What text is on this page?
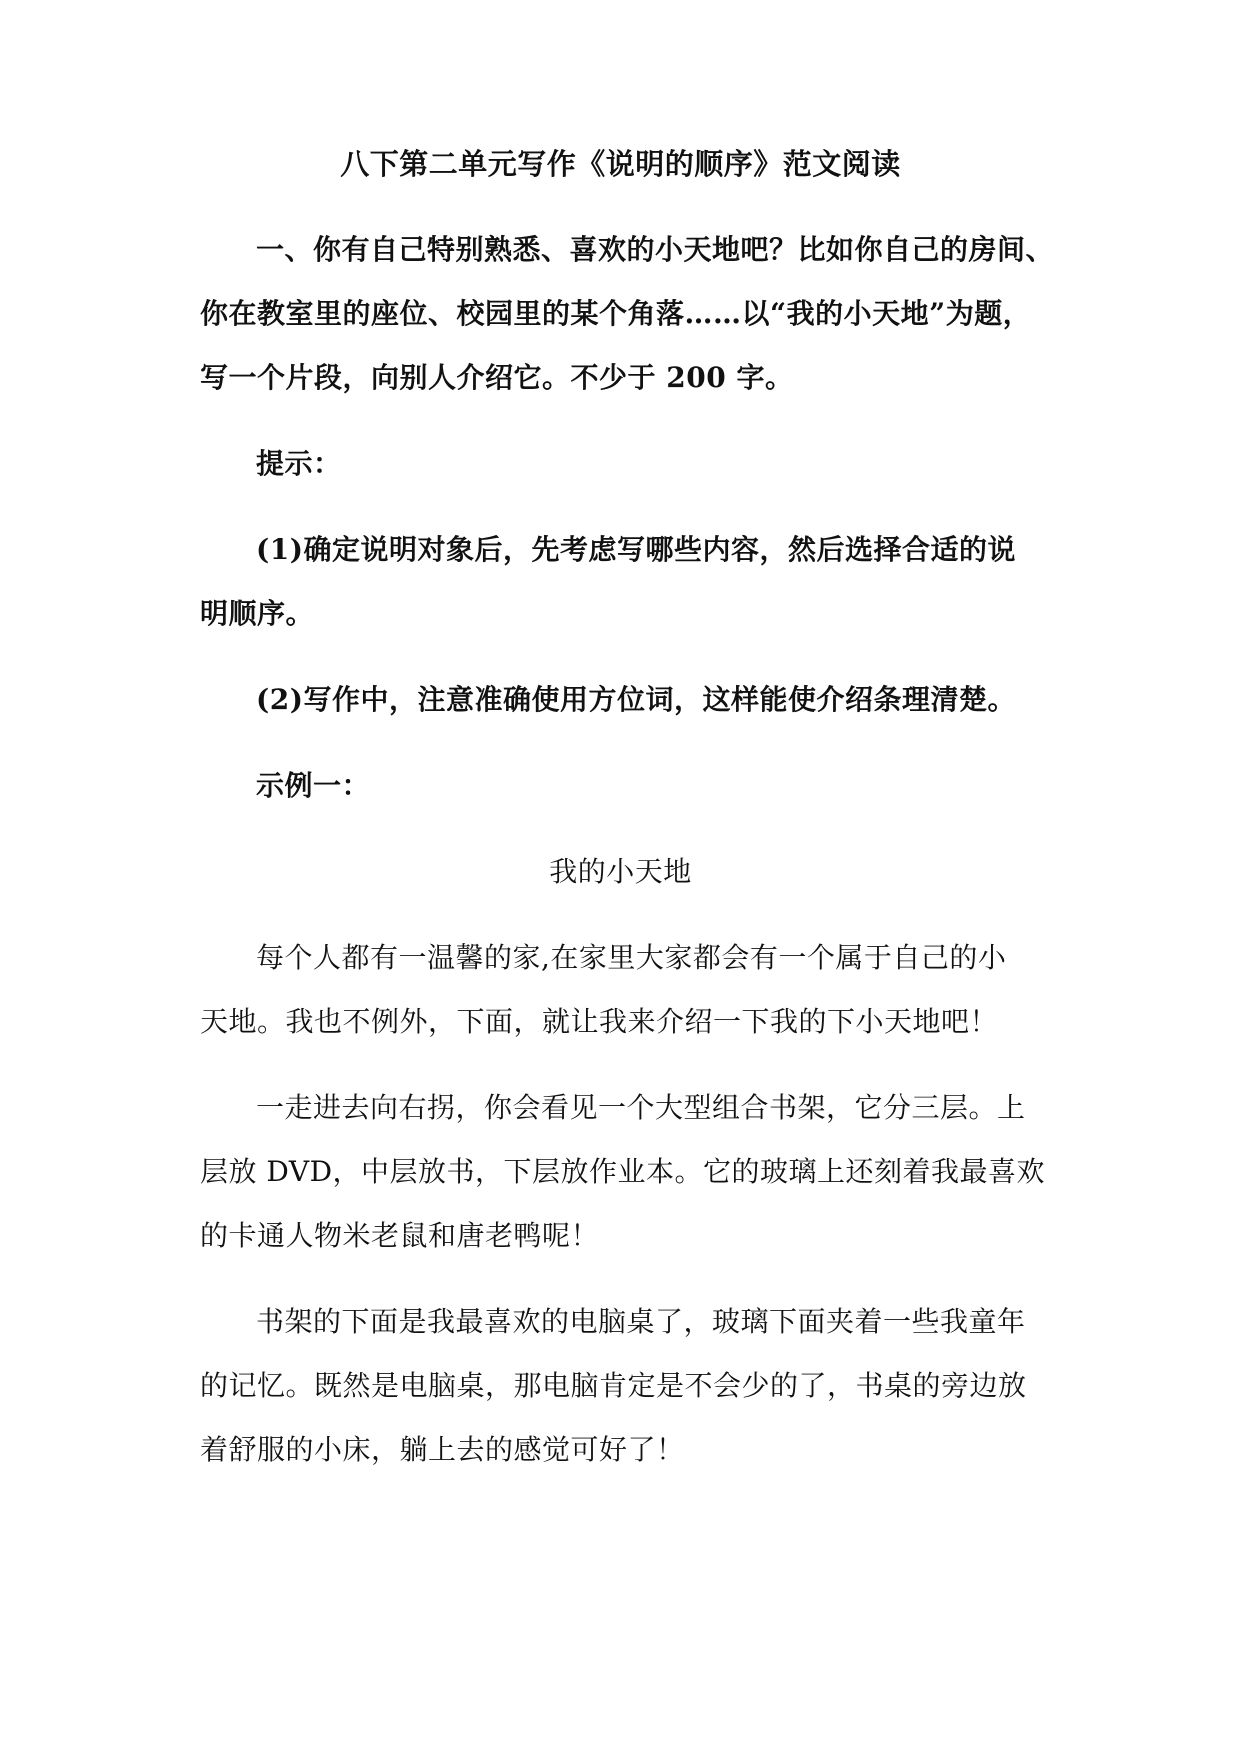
八下第二单元写作《说明的顺序》范文阅读
一、你有自己特别熟悉、喜欢的小天地吧？比如你自己的房间、
你在教室里的座位、校园里的某个角落……以“我的小天地”为题，
写一个片段，向别人介绍它。不少于 200 字。
提示：
(1)确定说明对象后，先考虑写哪些内容，然后选择合适的说
明顺序。
(2)写作中，注意准确使用方位词，这样能使介绍条理清楚。
示例一：
我的小天地
每个人都有一温馨的家,在家里大家都会有一个属于自己的小
天地。我也不例外，下面，就让我来介绍一下我的下小天地吧！
一走进去向右拐，你会看见一个大型组合书架，它分三层。上
层放 DVD，中层放书，下层放作业本。它的玻璃上还刻着我最喜欢
的卡通人物米老鼠和唐老鸭呢！
书架的下面是我最喜欢的电脑桌了，玻璃下面夹着一些我童年
的记忆。既然是电脑桌，那电脑肯定是不会少的了，书桌的旁边放
着舒服的小床，躺上去的感觉可好了！
